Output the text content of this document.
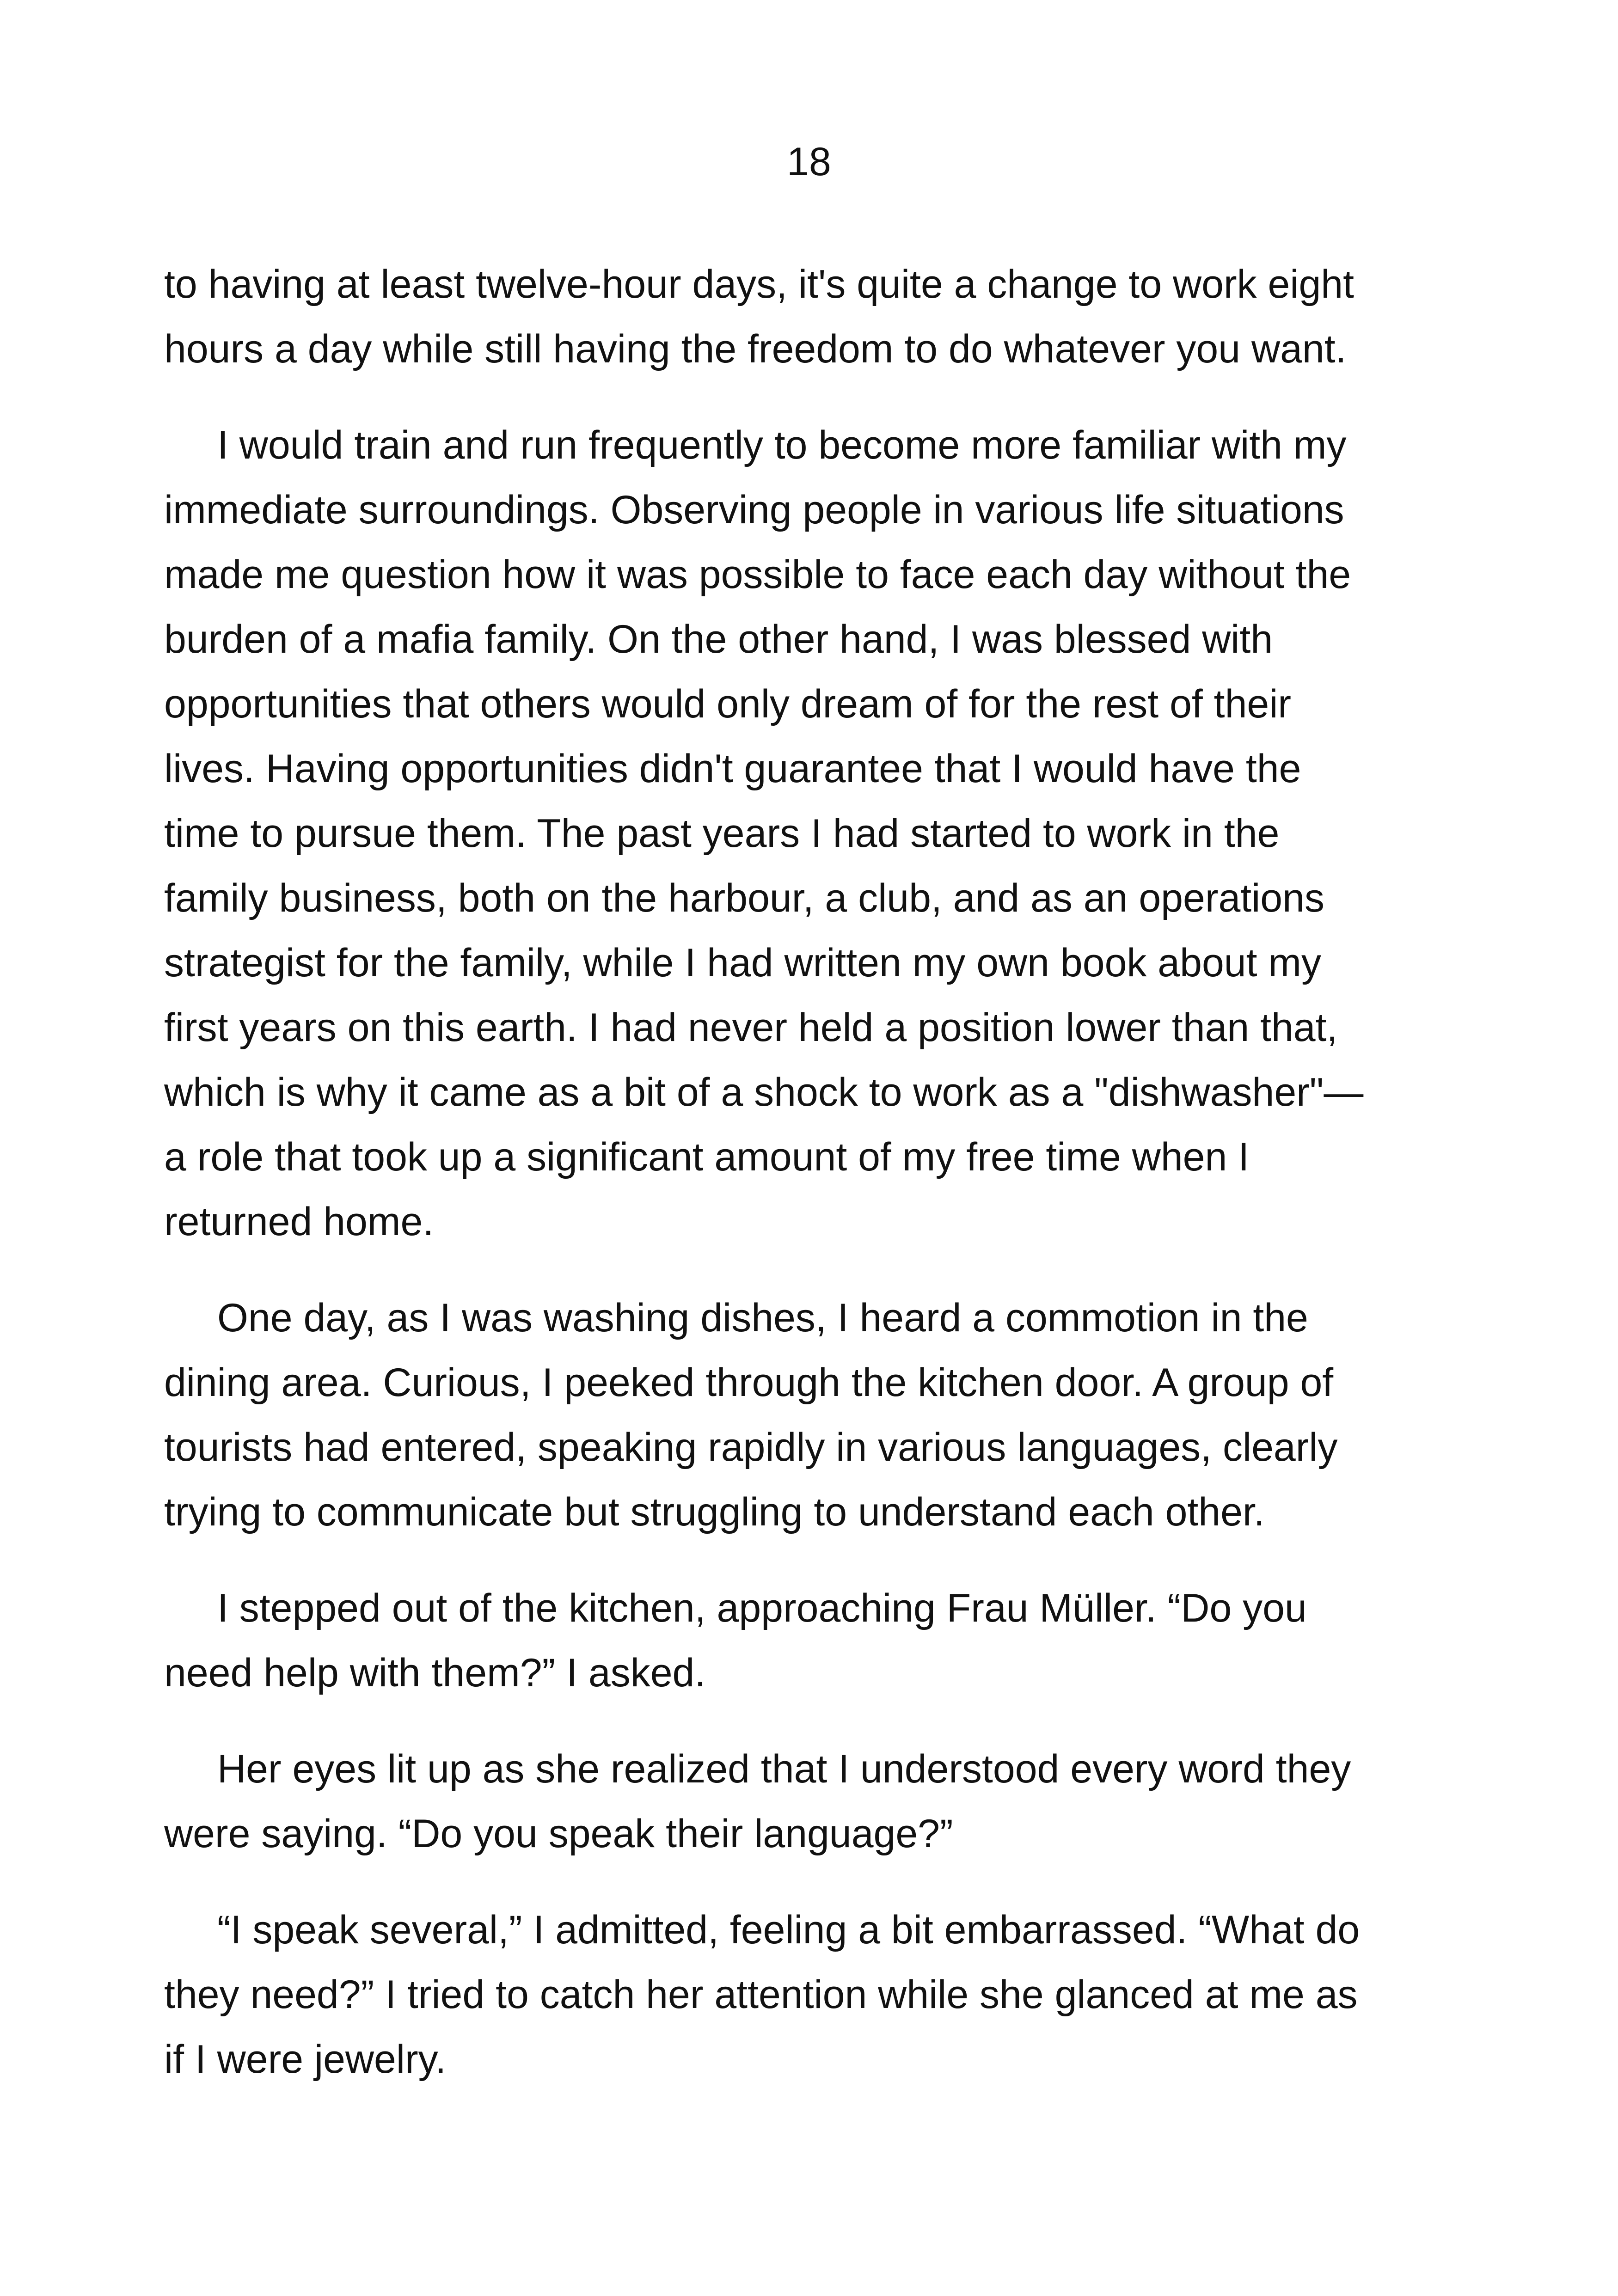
18

to having at least twelve-hour days, it's quite a change to work eight
hours a day while still having the freedom to do whatever you want.

I would train and run frequently to become more familiar with my
immediate surroundings. Observing people in various life situations
made me question how it was possible to face each day without the
burden of a mafia family. On the other hand, I was blessed with
opportunities that others would only dream of for the rest of their
lives. Having opportunities didn't guarantee that I would have the
time to pursue them. The past years I had started to work in the
family business, both on the harbour, a club, and as an operations
strategist for the family, while I had written my own book about my
first years on this earth. I had never held a position lower than that,
which is why it came as a bit of a shock to work as a "dishwasher"—
a role that took up a significant amount of my free time when I
returned home.

One day, as I was washing dishes, I heard a commotion in the
dining area. Curious, I peeked through the kitchen door. A group of
tourists had entered, speaking rapidly in various languages, clearly
trying to communicate but struggling to understand each other.

I stepped out of the kitchen, approaching Frau Müller. “Do you
need help with them?” I asked.

Her eyes lit up as she realized that I understood every word they
were saying. “Do you speak their language?”

“I speak several,” I admitted, feeling a bit embarrassed. “What do
they need?” I tried to catch her attention while she glanced at me as
if I were jewelry.
